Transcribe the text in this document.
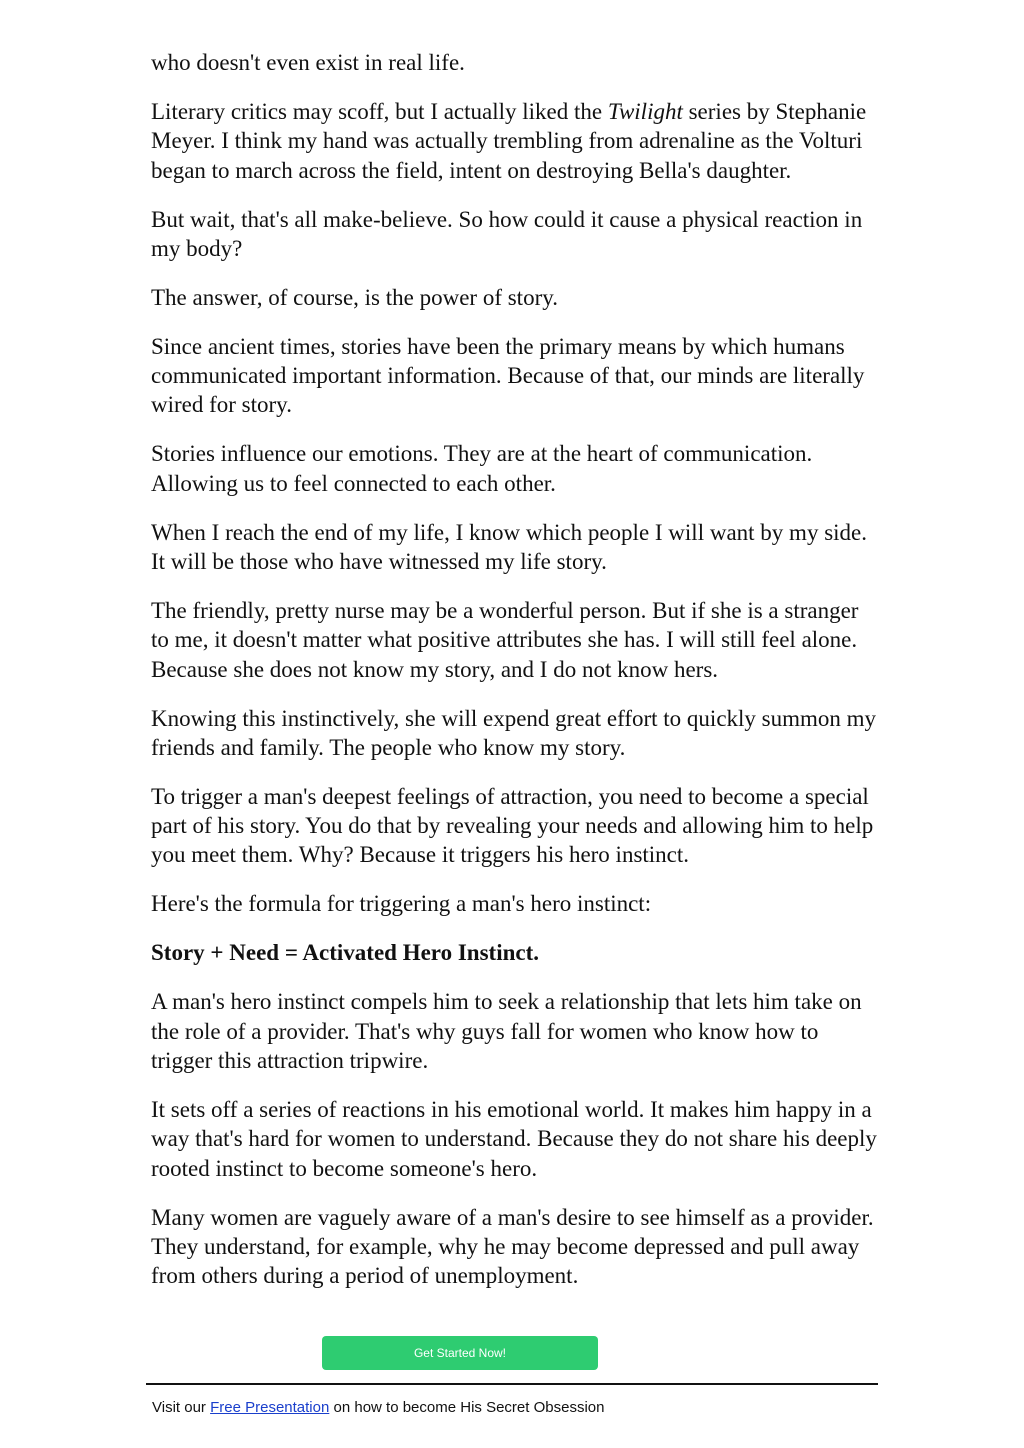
who doesn't even exist in real life.

Literary critics may scoff, but I actually liked the Twilight series by Stephanie Meyer. I think my hand was actually trembling from adrenaline as the Volturi began to march across the field, intent on destroying Bella's daughter.

But wait, that's all make-believe. So how could it cause a physical reaction in my body?

The answer, of course, is the power of story.

Since ancient times, stories have been the primary means by which humans communicated important information. Because of that, our minds are literally wired for story.

Stories influence our emotions. They are at the heart of communication. Allowing us to feel connected to each other.

When I reach the end of my life, I know which people I will want by my side. It will be those who have witnessed my life story.

The friendly, pretty nurse may be a wonderful person. But if she is a stranger to me, it doesn't matter what positive attributes she has. I will still feel alone. Because she does not know my story, and I do not know hers.

Knowing this instinctively, she will expend great effort to quickly summon my friends and family. The people who know my story.

To trigger a man's deepest feelings of attraction, you need to become a special part of his story. You do that by revealing your needs and allowing him to help you meet them. Why? Because it triggers his hero instinct.

Here's the formula for triggering a man's hero instinct:

Story + Need = Activated Hero Instinct.

A man's hero instinct compels him to seek a relationship that lets him take on the role of a provider. That's why guys fall for women who know how to trigger this attraction tripwire.

It sets off a series of reactions in his emotional world. It makes him happy in a way that's hard for women to understand. Because they do not share his deeply rooted instinct to become someone's hero.

Many women are vaguely aware of a man's desire to see himself as a provider. They understand, for example, why he may become depressed and pull away from others during a period of unemployment.

Get Started Now!
Visit our Free Presentation on how to become His Secret Obsession
